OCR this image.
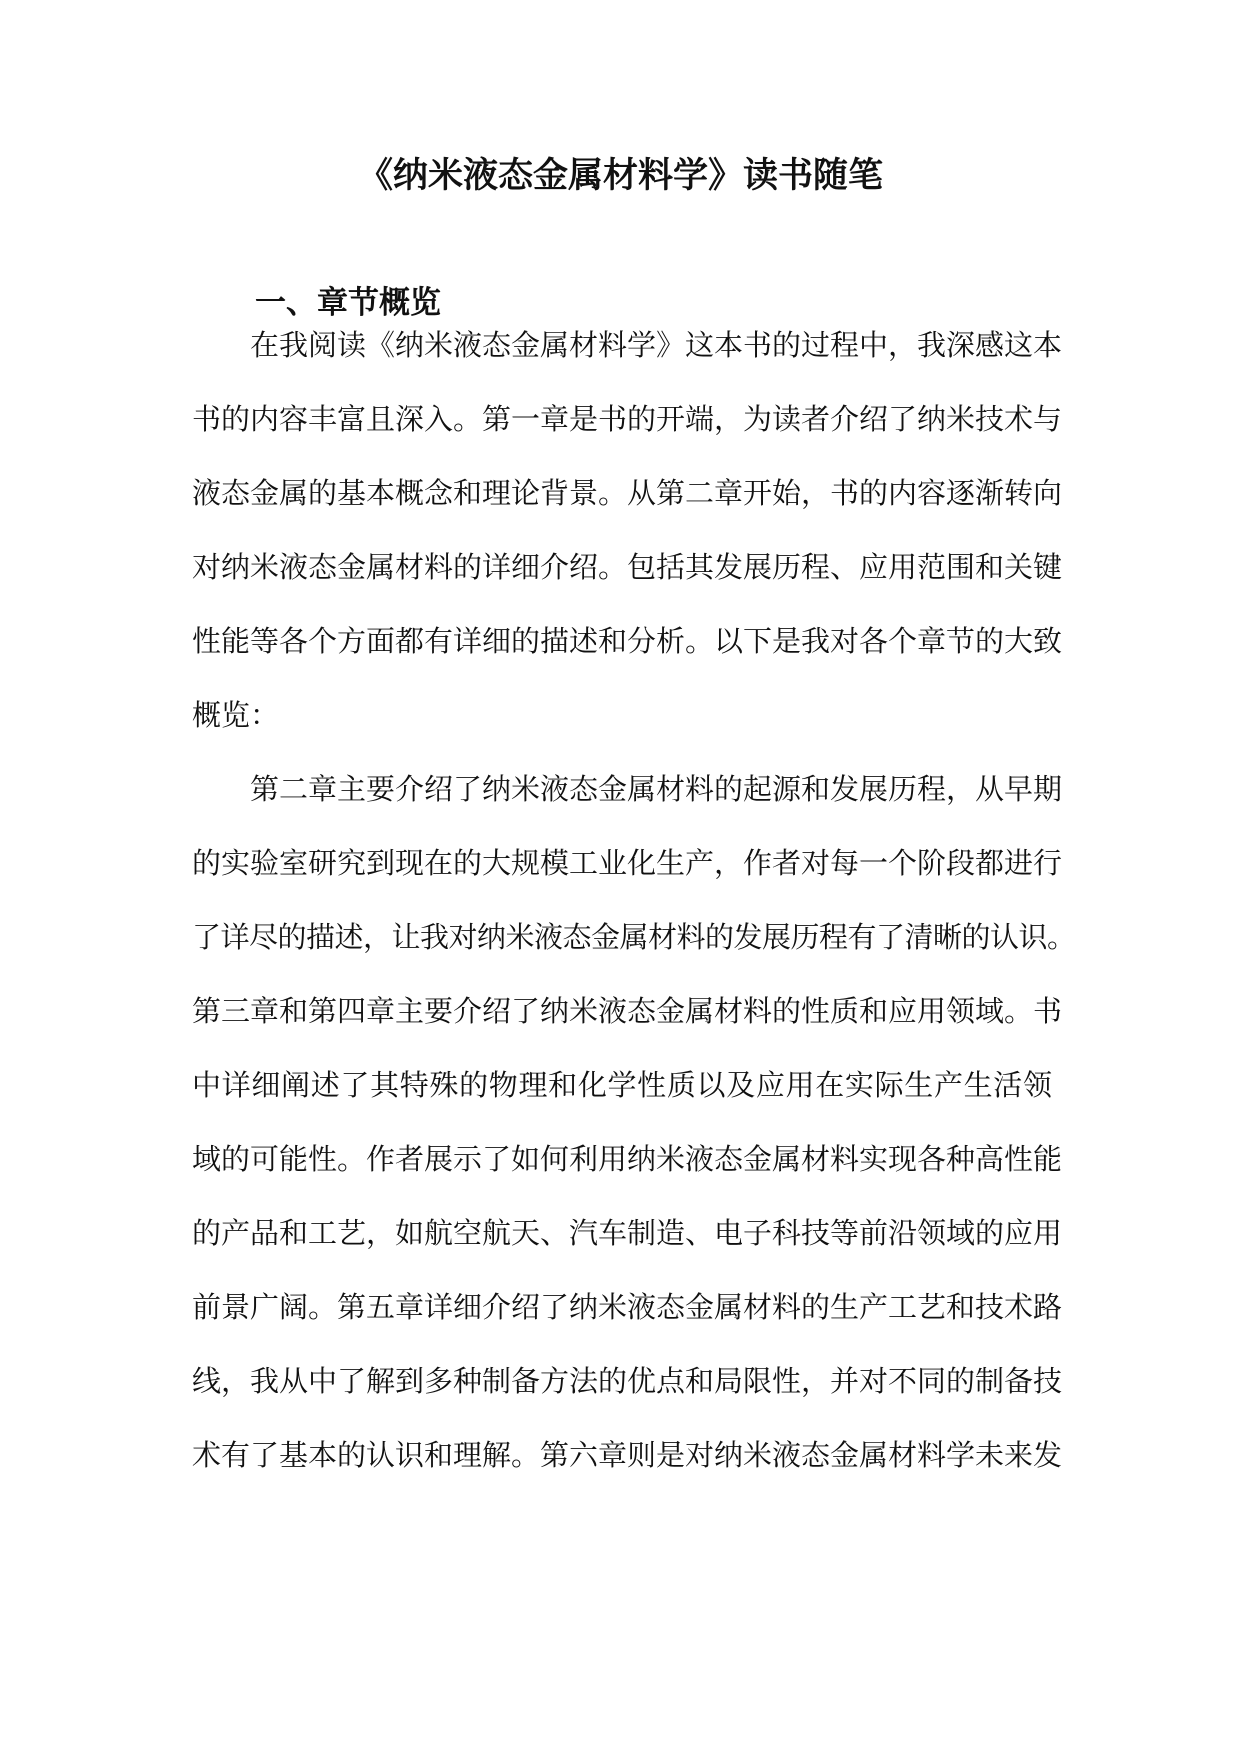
《纳米液态金属材料学》读书随笔
一、章节概览

在我阅读《纳米液态金属材料学》这本书的过程中，我深感这本

书的内容丰富且深入。第一章是书的开端，为读者介绍了纳米技术与

液态金属的基本概念和理论背景。从第二章开始，书的内容逐渐转向

对纳米液态金属材料的详细介绍。包括其发展历程、应用范围和关键

性能等各个方面都有详细的描述和分析。以下是我对各个章节的大致

概览：

第二章主要介绍了纳米液态金属材料的起源和发展历程，从早期

的实验室研究到现在的大规模工业化生产，作者对每一个阶段都进行

了详尽的描述，让我对纳米液态金属材料的发展历程有了清晰的认识。

第三章和第四章主要介绍了纳米液态金属材料的性质和应用领域。书

中详细阐述了其特殊的物理和化学性质以及应用在实际生产生活领

域的可能性。作者展示了如何利用纳米液态金属材料实现各种高性能

的产品和工艺，如航空航天、汽车制造、电子科技等前沿领域的应用

前景广阔。第五章详细介绍了纳米液态金属材料的生产工艺和技术路

线，我从中了解到多种制备方法的优点和局限性，并对不同的制备技

术有了基本的认识和理解。第六章则是对纳米液态金属材料学未来发
